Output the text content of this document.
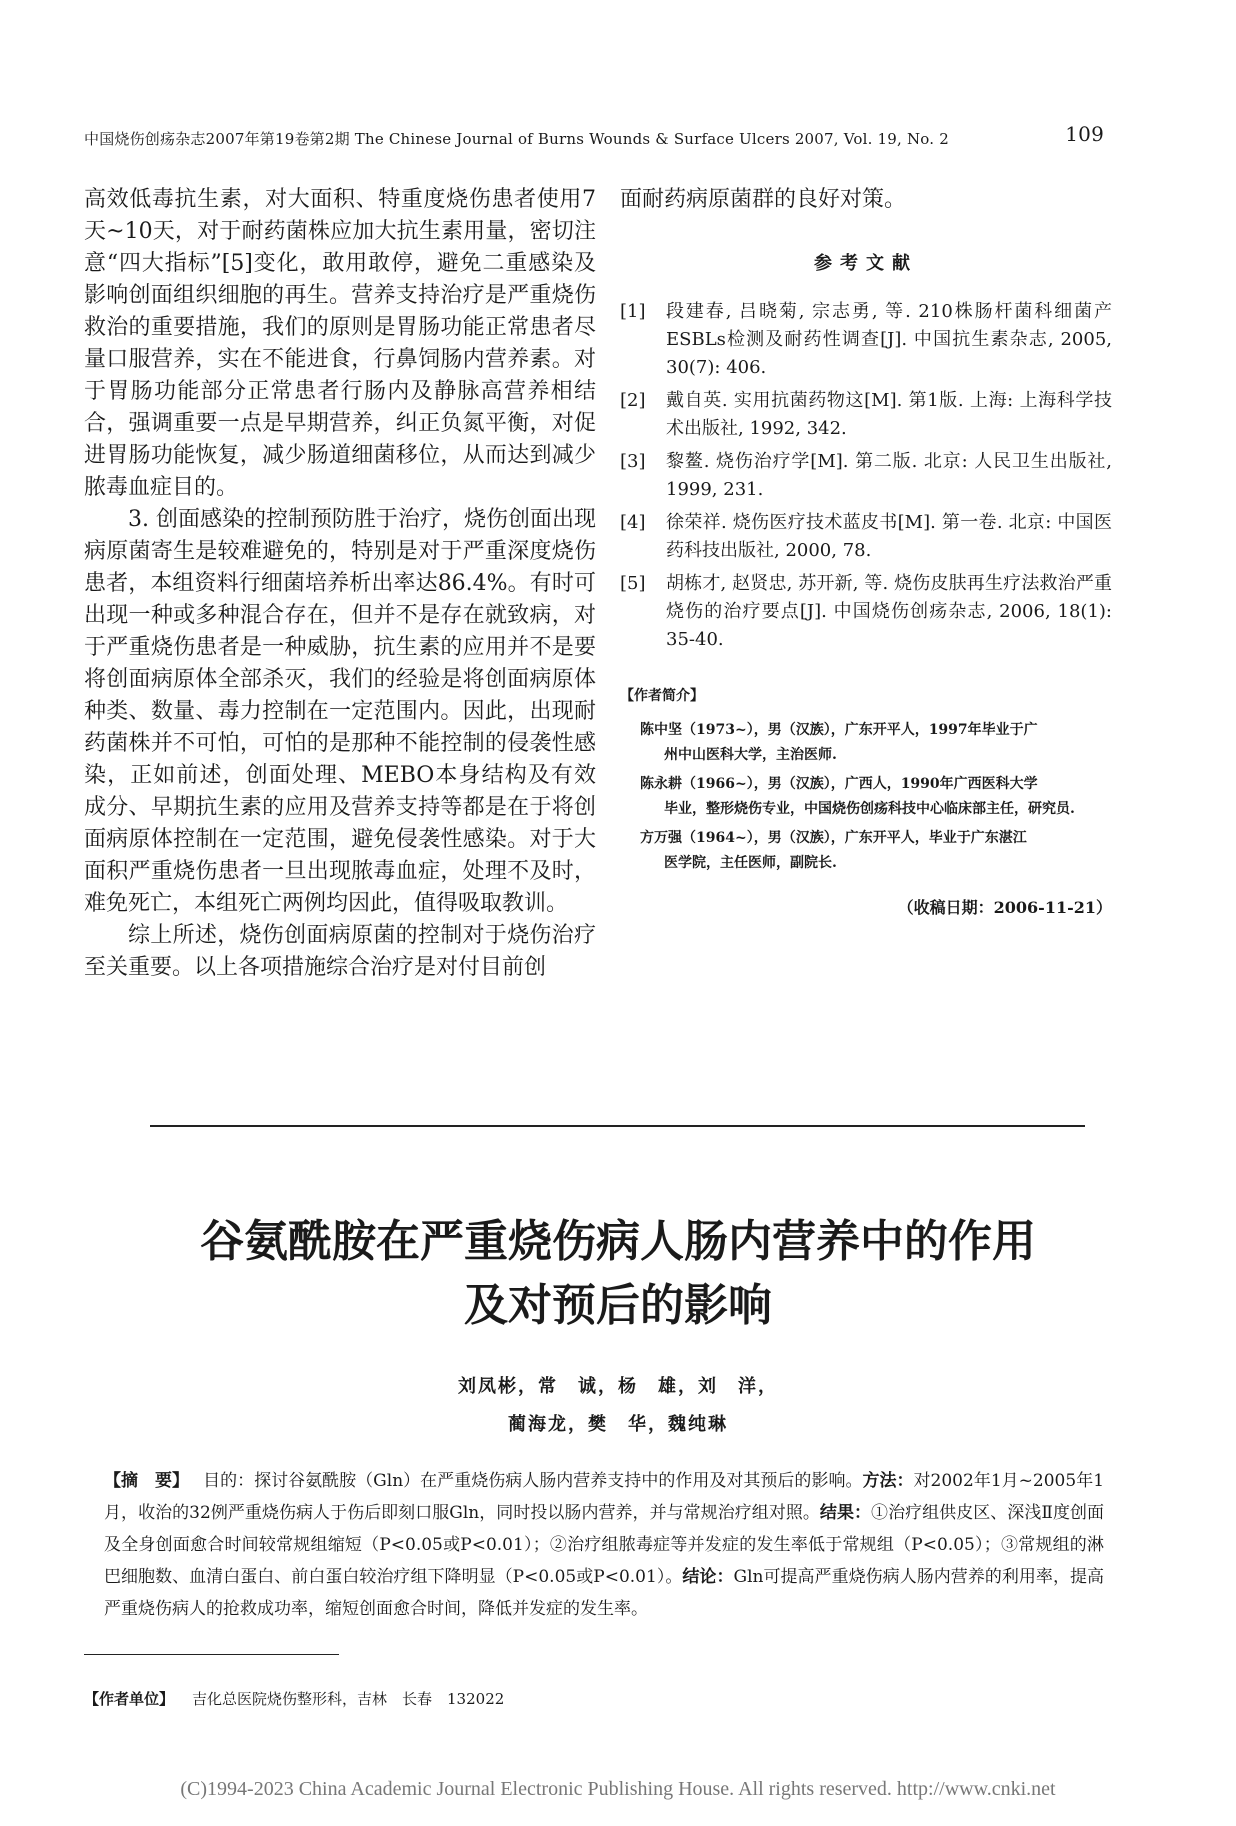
中国烧伤创疡杂志2007年第19卷第2期 The Chinese Journal of Burns Wounds & Surface Ulcers 2007, Vol. 19, No. 2	109

高效低毒抗生素，对大面积、特重度烧伤患者使用7天~10天，对于耐药菌株应加大抗生素用量，密切注意“四大指标”[5]变化，敢用敢停，避免二重感染及影响创面组织细胞的再生。营养支持治疗是严重烧伤救治的重要措施，我们的原则是胃肠功能正常患者尽量口服营养，实在不能进食，行鼻饲肠内营养素。对于胃肠功能部分正常患者行肠内及静脉高营养相结合，强调重要一点是早期营养，纠正负氮平衡，对促进胃肠功能恢复，减少肠道细菌移位，从而达到减少脓毒血症目的。

3. 创面感染的控制预防胜于治疗，烧伤创面出现病原菌寄生是较难避免的，特别是对于严重深度烧伤患者，本组资料行细菌培养析出率达86.4%。有时可出现一种或多种混合存在，但并不是存在就致病，对于严重烧伤患者是一种威胁，抗生素的应用并不是要将创面病原体全部杀灭，我们的经验是将创面病原体种类、数量、毒力控制在一定范围内。因此，出现耐药菌株并不可怕，可怕的是那种不能控制的侵袭性感染，正如前述，创面处理、MEBO本身结构及有效成分、早期抗生素的应用及营养支持等都是在于将创面病原体控制在一定范围，避免侵袭性感染。对于大面积严重烧伤患者一旦出现脓毒血症，处理不及时，难免死亡，本组死亡两例均因此，值得吸取教训。

综上所述，烧伤创面病原菌的控制对于烧伤治疗至关重要。以上各项措施综合治疗是对付目前创

面耐药病原菌群的良好对策。

参考文献
[1] 段建春, 吕晓菊, 宗志勇, 等. 210株肠杆菌科细菌产ESBLs检测及耐药性调查[J]. 中国抗生素杂志, 2005, 30(7): 406.
[2] 戴自英. 实用抗菌药物这[M]. 第1版. 上海: 上海科学技术出版社, 1992, 342.
[3] 黎鳌. 烧伤治疗学[M]. 第二版. 北京: 人民卫生出版社, 1999, 231.
[4] 徐荣祥. 烧伤医疗技术蓝皮书[M]. 第一卷. 北京: 中国医药科技出版社, 2000, 78.
[5] 胡栋才, 赵贤忠, 苏开新, 等. 烧伤皮肤再生疗法救治严重烧伤的治疗要点[J]. 中国烧伤创疡杂志, 2006, 18(1): 35-40.
【作者简介】
陈中坚（1973~），男（汉族），广东开平人，1997年毕业于广
州中山医科大学，主治医师.
陈永耕（1966~），男（汉族），广西人，1990年广西医科大学
毕业，整形烧伤专业，中国烧伤创疡科技中心临床部主任，研究员.
方万强（1964~），男（汉族），广东开平人，毕业于广东湛江
医学院，主任医师，副院长.
（收稿日期：2006-11-21）
谷氨酰胺在严重烧伤病人肠内营养中的作用
及对预后的影响
刘凤彬，常　诚，杨　雄，刘　洋，
蔺海龙，樊　华，魏纯琳
【摘　要】 目的：探讨谷氨酰胺（Gln）在严重烧伤病人肠内营养支持中的作用及对其预后的影响。方法：对2002年1月~2005年1月，收治的32例严重烧伤病人于伤后即刻口服Gln，同时投以肠内营养，并与常规治疗组对照。结果：①治疗组供皮区、深浅Ⅱ度创面及全身创面愈合时间较常规组缩短（P<0.05或P<0.01）；②治疗组脓毒症等并发症的发生率低于常规组（P<0.05）；③常规组的淋巴细胞数、血清白蛋白、前白蛋白较治疗组下降明显（P<0.05或P<0.01）。结论：Gln可提高严重烧伤病人肠内营养的利用率，提高严重烧伤病人的抢救成功率，缩短创面愈合时间，降低并发症的发生率。
【作者单位】 吉化总医院烧伤整形科，吉林　长春　132022
(C)1994-2023 China Academic Journal Electronic Publishing House. All rights reserved. http://www.cnki.net
